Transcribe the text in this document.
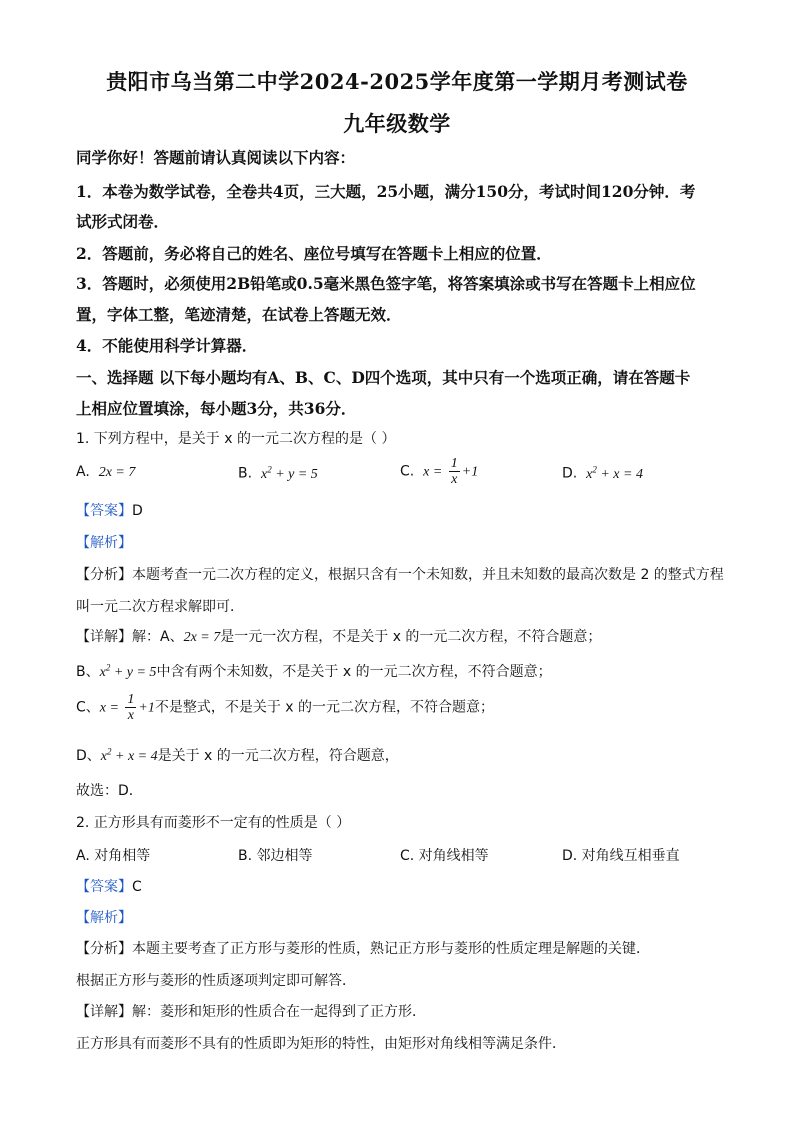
贵阳市乌当第二中学2024-2025学年度第一学期月考测试卷
九年级数学
同学你好！答题前请认真阅读以下内容：
1．本卷为数学试卷，全卷共4页，三大题，25小题，满分150分，考试时间120分钟．考
试形式闭卷．
2．答题前，务必将自己的姓名、座位号填写在答题卡上相应的位置．
3．答题时，必须使用2B铅笔或0.5毫米黑色签字笔，将答案填涂或书写在答题卡上相应位
置，字体工整，笔迹清楚，在试卷上答题无效．
4．不能使用科学计算器．
一、选择题 以下每小题均有A、B、C、D四个选项，其中只有一个选项正确，请在答题卡
上相应位置填涂，每小题3分，共36分．
1. 下列方程中，是关于 x 的一元二次方程的是（ ）
A. 2x = 7	B. $x^2 + y = 5$	C. $x = \frac{1}{x} +1$	D. $x^2 + x = 4$
【答案】D
【解析】
【分析】本题考查一元二次方程的定义，根据只含有一个未知数，并且未知数的最高次数是 2 的整式方程
叫一元二次方程求解即可．
【详解】解：A、2x = 7是一元一次方程，不是关于 x 的一元二次方程，不符合题意；
B、$x^2 + y = 5$中含有两个未知数，不是关于 x 的一元二次方程，不符合题意；
C、$x = \frac{1}{x} +1$不是整式，不是关于 x 的一元二次方程，不符合题意；
D、$x^2 + x = 4$是关于 x 的一元二次方程，符合题意，
故选：D．
2. 正方形具有而菱形不一定有的性质是（ ）
A. 对角相等	B. 邻边相等	C. 对角线相等	D. 对角线互相垂直
【答案】C
【解析】
【分析】本题主要考查了正方形与菱形的性质，熟记正方形与菱形的性质定理是解题的关键．
根据正方形与菱形的性质逐项判定即可解答．
【详解】解：菱形和矩形的性质合在一起得到了正方形．
正方形具有而菱形不具有的性质即为矩形的特性，由矩形对角线相等满足条件．
